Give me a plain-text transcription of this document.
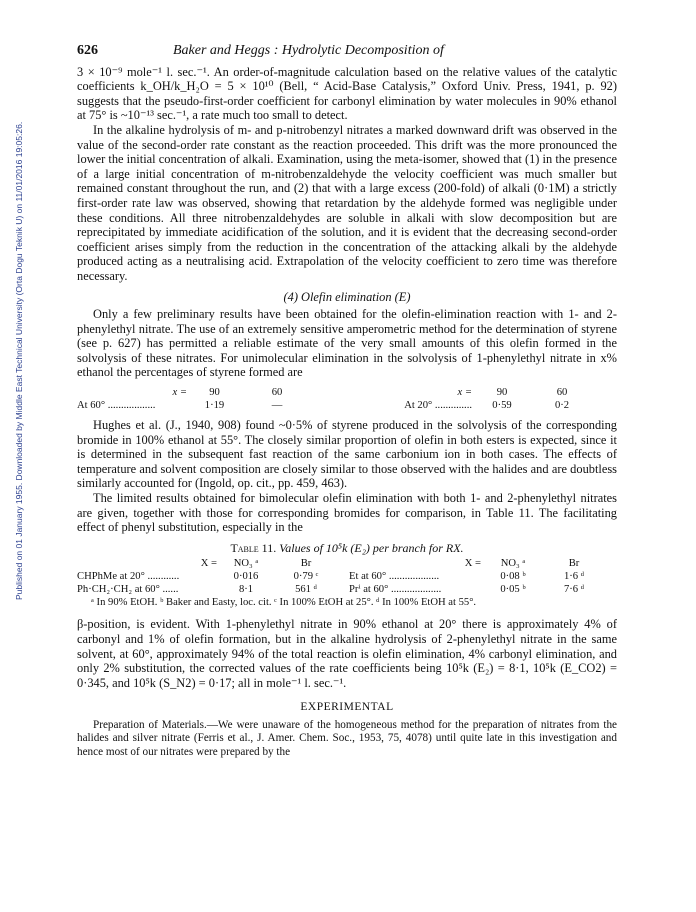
Published on 01 January 1955. Downloaded by Middle East Technical University (Orta Dogu Teknik U) on 11/01/2016 19:05:26.
626	Baker and Heggs : Hydrolytic Decomposition of

3 × 10⁻⁹ mole⁻¹ l. sec.⁻¹. An order-of-magnitude calculation based on the relative values of the catalytic coefficients k_OH/k_H₂O = 5 × 10¹⁰ (Bell, “ Acid-Base Catalysis,” Oxford Univ. Press, 1941, p. 92) suggests that the pseudo-first-order coefficient for carbonyl elimination by water molecules in 90% ethanol at 75° is ~10⁻¹³ sec.⁻¹, a rate much too small to detect.

In the alkaline hydrolysis of m- and p-nitrobenzyl nitrates a marked downward drift was observed in the value of the second-order rate constant as the reaction proceeded. This drift was the more pronounced the lower the initial concentration of alkali. Examination, using the meta-isomer, showed that (1) in the presence of a large initial concentration of m-nitrobenzaldehyde the velocity coefficient was much smaller but remained constant throughout the run, and (2) that with a large excess (200-fold) of alkali (0·1M) a strictly first-order rate law was observed, showing that retardation by the aldehyde formed was negligible under these conditions. All three nitrobenzaldehydes are soluble in alkali with slow decomposition but are reprecipitated by immediate acidification of the solution, and it is evident that the decreasing second-order coefficient arises simply from the reduction in the concentration of the attacking alkali by the aldehyde produced acting as a neutralising acid. Extrapolation of the velocity coefficient to zero time was therefore necessary.

(4) Olefin elimination (E)

Only a few preliminary results have been obtained for the olefin-elimination reaction with 1- and 2-phenylethyl nitrate. The use of an extremely sensitive amperometric method for the determination of styrene (see p. 627) has permitted a reliable estimate of the very small amounts of this olefin formed in the solvolysis of these nitrates. For unimolecular elimination in the solvolysis of 1-phenylethyl nitrate in x% ethanol the percentages of styrene formed are

x =	90	60	x =	90	60
At 60° ..................	1·19	—	At 20° ..............	0·59	0·2

Hughes et al. (J., 1940, 908) found ~0·5% of styrene produced in the solvolysis of the corresponding bromide in 100% ethanol at 55°. The closely similar proportion of olefin in both esters is expected, since it is determined in the subsequent fast reaction of the same carbonium ion in both cases. The effects of temperature and solvent composition are closely similar to those observed with the halides and are doubtless similarly accounted for (Ingold, op. cit., pp. 459, 463).

The limited results obtained for bimolecular olefin elimination with both 1- and 2-phenylethyl nitrates are given, together with those for corresponding bromides for comparison, in Table 11. The facilitating effect of phenyl substitution, especially in the

Table 11. Values of 10⁵k (E₂) per branch for RX.
X =	NO₃ ᵃ	Br	X =	NO₃ ᵃ	Br
CHPhMe at 20° ............	0·016	0·79 ᶜ	Et at 60° ...................	0·08 ᵇ	1·6 ᵈ
Ph·CH₂·CH₂ at 60° ......	8·1	561 ᵈ	Prⁱ at 60° ...................	0·05 ᵇ	7·6 ᵈ
ᵃ In 90% EtOH. ᵇ Baker and Easty, loc. cit. ᶜ In 100% EtOH at 25°. ᵈ In 100% EtOH at 55°.

β-position, is evident. With 1-phenylethyl nitrate in 90% ethanol at 20° there is approximately 4% of carbonyl and 1% of olefin formation, but in the alkaline hydrolysis of 2-phenylethyl nitrate in the same solvent, at 60°, approximately 94% of the total reaction is olefin elimination, 4% carbonyl elimination, and only 2% substitution, the corrected values of the rate coefficients being 10⁵k (E₂) = 8·1, 10⁵k (E_CO2) = 0·345, and 10⁵k (S_N2) = 0·17; all in mole⁻¹ l. sec.⁻¹.

EXPERIMENTAL

Preparation of Materials.—We were unaware of the homogeneous method for the preparation of nitrates from the halides and silver nitrate (Ferris et al., J. Amer. Chem. Soc., 1953, 75, 4078) until quite late in this investigation and hence most of our nitrates were prepared by the
